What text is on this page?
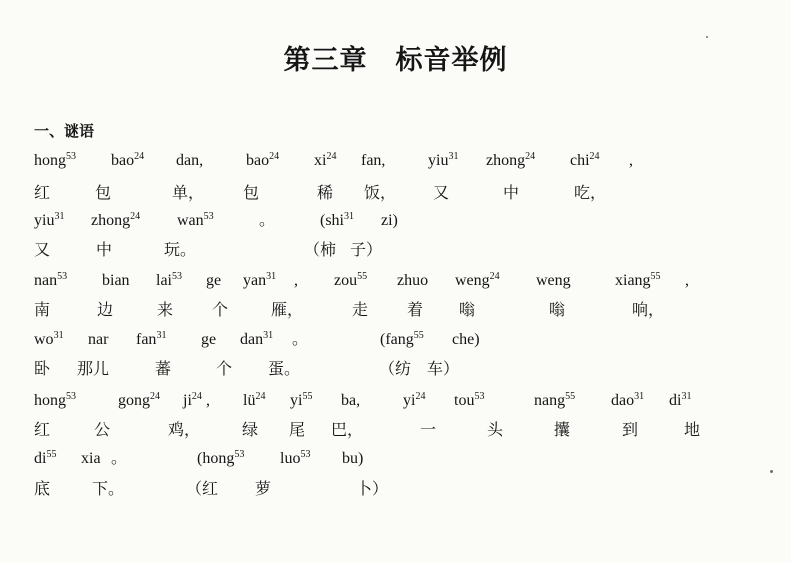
第三章　标音举例
一、谜语
hong$^{53}$ bao$^{24}$ dan,	bao$^{24}$ $xi^{24}$ fan,	yiu$^{31}$ zhong$^{24}$ chi$^{24}$ ,
红	包	单， 包	稀 饭， 又	中	吃，
yiu$^{31}$ zhong$^{24}$ wan$^{53}$	。	(shi$^{31}$ zi)
又	中	玩。	（柿 子）
nan$^{53}$ bian lai$^{53}$ ge yan$^{31}$ , zou$^{55}$ zhuo weng$^{24}$ weng	xiang$^{55}$ ,
南	边	来 个	雁，	走 着 嗡	嗡	响，
$wo^{31}$ nar fan$^{31}$ ge dan$^{31}$ 。	(fang$^{55}$ che)
卧 那儿	蕃	个 蛋。	（纺 车）
hong$^{53}$	gong$^{24}$ $ji^{24}$ , $lü^{24}$ $yi^{55}$ ba,	$yi^{24}$ tou$^{53}$	nang$^{55}$ dao$^{31}$ $di^{31}$
红	公	鸡，	绿 尾 巴，	一	头	攮	到	地
$di^{55}$ xia 。	(hong$^{53}$ luo$^{53}$ bu)
底	下。	（红 萝	卜）
